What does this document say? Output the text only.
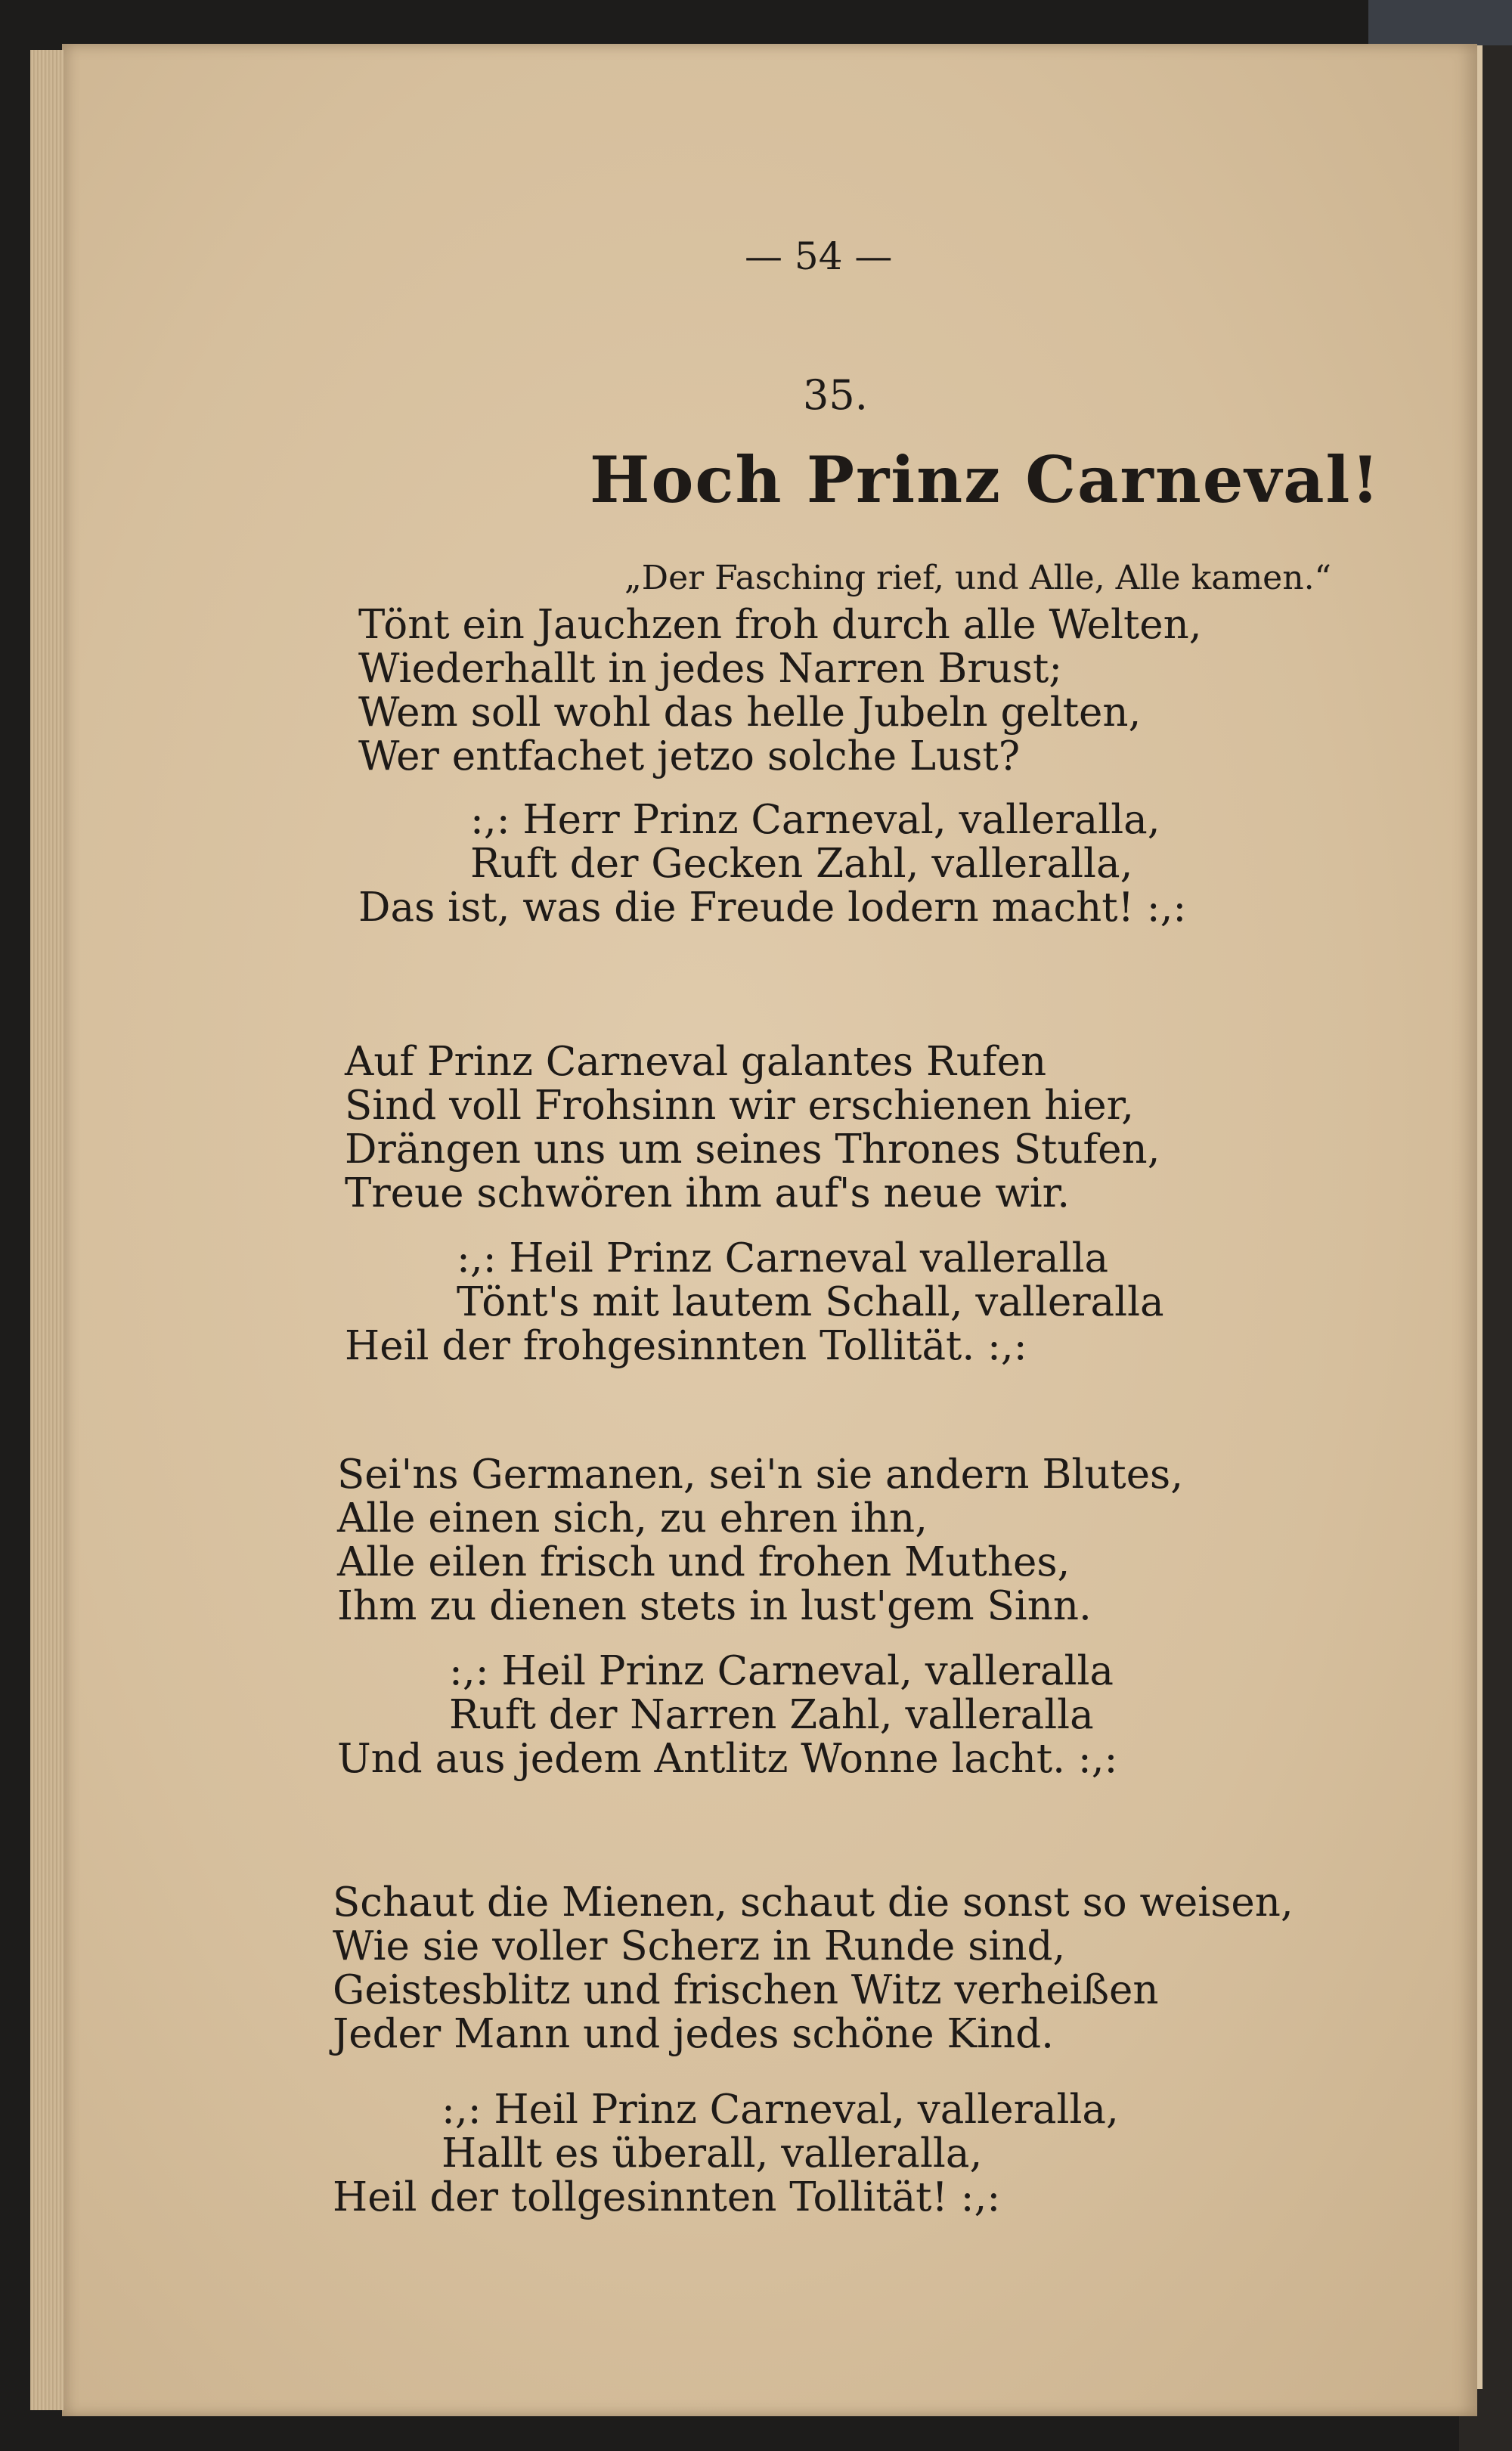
— 54 —
35.
Hoch Prinz Carneval!
„Der Fasching rief, und Alle, Alle kamen.“
Tönt ein Jauchzen froh durch alle Welten,
Wiederhallt in jedes Narren Brust;
Wem soll wohl das helle Jubeln gelten,
Wer entfachet jetzo solche Lust?
:,: Herr Prinz Carneval, valleralla,
Ruft der Gecken Zahl, valleralla,
Das ist, was die Freude lodern macht! :,:
Auf Prinz Carneval galantes Rufen
Sind voll Frohsinn wir erschienen hier,
Drängen uns um seines Thrones Stufen,
Treue schwören ihm auf's neue wir.
:,: Heil Prinz Carneval valleralla
Tönt's mit lautem Schall, valleralla
Heil der frohgesinnten Tollität. :,:
Sei'ns Germanen, sei'n sie andern Blutes,
Alle einen sich, zu ehren ihn,
Alle eilen frisch und frohen Muthes,
Ihm zu dienen stets in lust'gem Sinn.
:,: Heil Prinz Carneval, valleralla
Ruft der Narren Zahl, valleralla
Und aus jedem Antlitz Wonne lacht. :,:
Schaut die Mienen, schaut die sonst so weisen,
Wie sie voller Scherz in Runde sind,
Geistesblitz und frischen Witz verheißen
Jeder Mann und jedes schöne Kind.
:,: Heil Prinz Carneval, valleralla,
Hallt es überall, valleralla,
Heil der tollgesinnten Tollität! :,:
